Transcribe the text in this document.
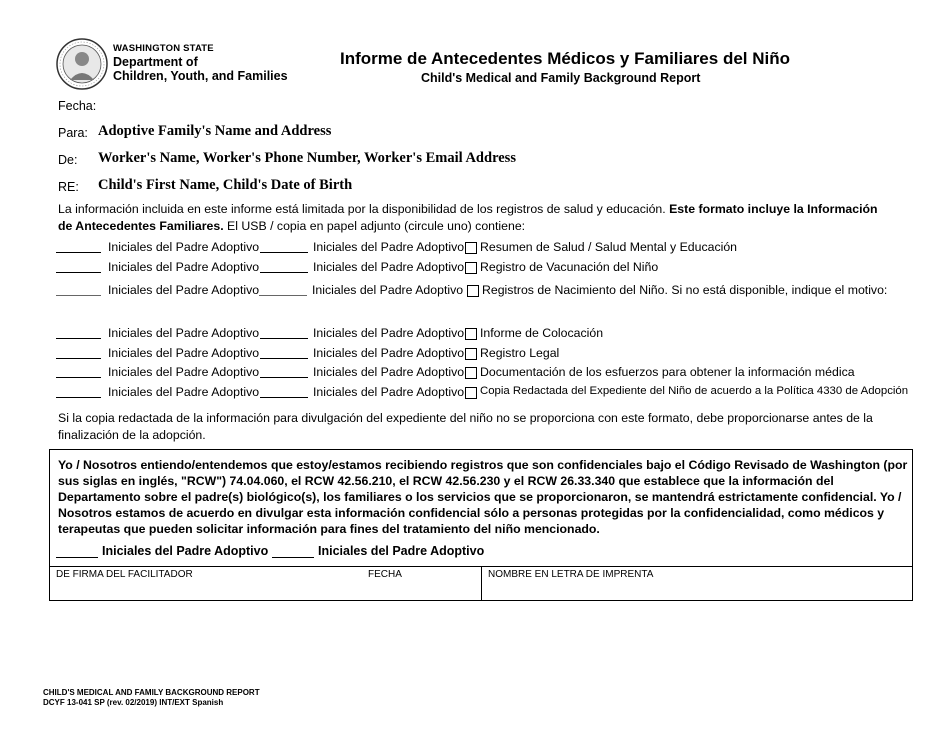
WASHINGTON STATE
Department of
Children, Youth, and Families
Informe de Antecedentes Médicos y Familiares del Niño
Child's Medical and Family Background Report
Fecha:
Para: Adoptive Family's Name and Address
De: Worker's Name, Worker's Phone Number, Worker's Email Address
RE: Child's First Name, Child's Date of Birth
La información incluida en este informe está limitada por la disponibilidad de los registros de salud y educación. Este formato incluye la Información de Antecedentes Familiares. El USB / copia en papel adjunto (circule uno) contiene:
Iniciales del Padre Adoptivo	Iniciales del Padre Adoptivo Resumen de Salud / Salud Mental y Educación
Iniciales del Padre Adoptivo	Iniciales del Padre Adoptivo Registro de Vacunación del Niño
Iniciales del Padre Adoptivo	Iniciales del Padre Adoptivo Registros de Nacimiento del Niño. Si no está disponible, indique el motivo:
Iniciales del Padre Adoptivo	Iniciales del Padre Adoptivo Informe de Colocación
Iniciales del Padre Adoptivo	Iniciales del Padre Adoptivo Registro Legal
Iniciales del Padre Adoptivo	Iniciales del Padre Adoptivo Documentación de los esfuerzos para obtener la información médica
Iniciales del Padre Adoptivo	Iniciales del Padre Adoptivo Copia Redactada del Expediente del Niño de acuerdo a la Política 4330 de Adopción
Si la copia redactada de la información para divulgación del expediente del niño no se proporciona con este formato, debe proporcionarse antes de la finalización de la adopción.
Yo / Nosotros entiendo/entendemos que estoy/estamos recibiendo registros que son confidenciales bajo el Código Revisado de Washington (por sus siglas en inglés, "RCW") 74.04.060, el RCW 42.56.210, el RCW 42.56.230 y el RCW 26.33.340 que establece que la información del Departamento sobre el padre(s) biológico(s), los familiares o los servicios que se proporcionaron, se mantendrá estrictamente confidencial. Yo / Nosotros estamos de acuerdo en divulgar esta información confidencial sólo a personas protegidas por la confidencialidad, como médicos y terapeutas que pueden solicitar información para fines del tratamiento del niño mencionado.
Iniciales del Padre Adoptivo	Iniciales del Padre Adoptivo
DE FIRMA DEL FACILITADOR	FECHA	NOMBRE EN LETRA DE IMPRENTA
CHILD'S MEDICAL AND FAMILY BACKGROUND REPORT
DCYF 13-041 SP (rev. 02/2019) INT/EXT Spanish
